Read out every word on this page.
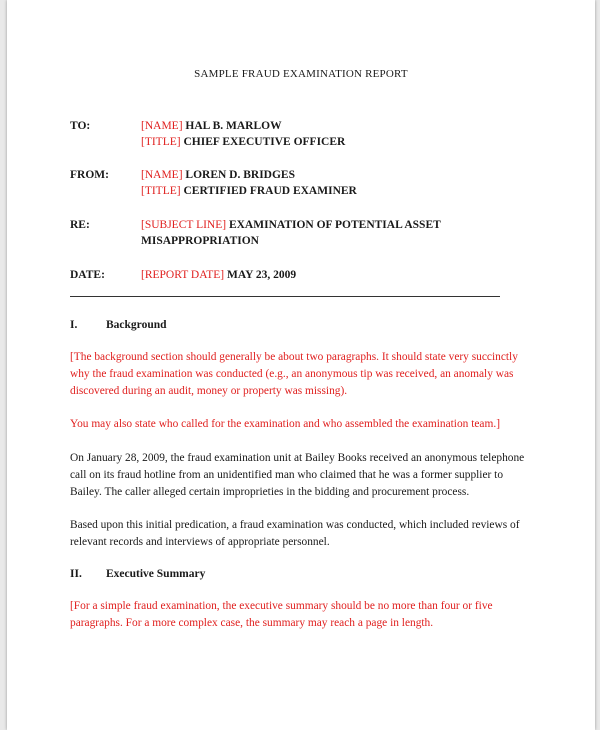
SAMPLE FRAUD EXAMINATION REPORT
TO:	[NAME] HAL B. MARLOW
[TITLE] CHIEF EXECUTIVE OFFICER
FROM:	[NAME] LOREN D. BRIDGES
[TITLE] CERTIFIED FRAUD EXAMINER
RE:	[SUBJECT LINE] EXAMINATION OF POTENTIAL ASSET
MISAPPROPRIATION
DATE:	[REPORT DATE] MAY 23, 2009
I. Background
[The background section should generally be about two paragraphs. It should state very succinctly
why the fraud examination was conducted (e.g., an anonymous tip was received, an anomaly was
discovered during an audit, money or property was missing).
You may also state who called for the examination and who assembled the examination team.]
On January 28, 2009, the fraud examination unit at Bailey Books received an anonymous telephone
call on its fraud hotline from an unidentified man who claimed that he was a former supplier to
Bailey. The caller alleged certain improprieties in the bidding and procurement process.
Based upon this initial predication, a fraud examination was conducted, which included reviews of
relevant records and interviews of appropriate personnel.
II. Executive Summary
[For a simple fraud examination, the executive summary should be no more than four or five
paragraphs. For a more complex case, the summary may reach a page in length.
